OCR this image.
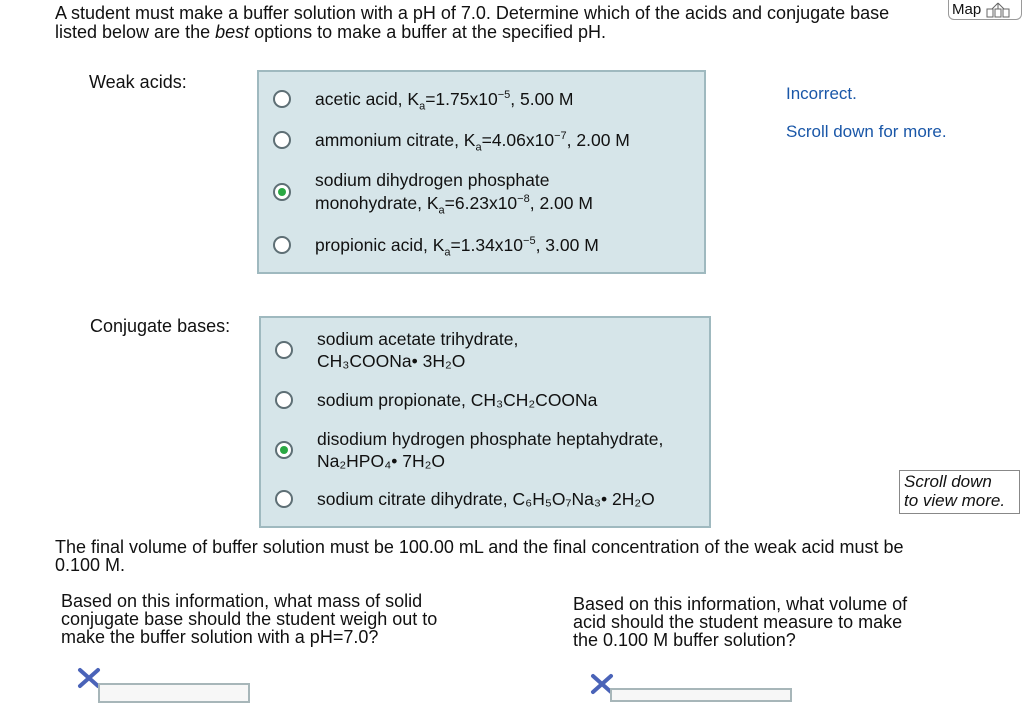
A student must make a buffer solution with a pH of 7.0. Determine which of the acids and conjugate base
listed below are the best options to make a buffer at the specified pH.
Map
Weak acids:
acetic acid, $K_a=1.75x10^{-5}$, 5.00 M
ammonium citrate, $K_a=4.06x10^{-7}$, 2.00 M
sodium dihydrogen phosphate
monohydrate, $K_a=6.23x10^{-8}$, 2.00 M
propionic acid, $K_a=1.34x10^{-5}$, 3.00 M
Incorrect.
Scroll down for more.
Conjugate bases:
sodium acetate trihydrate,
CH₃COONa• 3H₂O
sodium propionate, CH₃CH₂COONa
disodium hydrogen phosphate heptahydrate,
Na₂HPO₄• 7H₂O
sodium citrate dihydrate, C₆H₅O₇Na₃• 2H₂O
Scroll down
to view more.
The final volume of buffer solution must be 100.00 mL and the final concentration of the weak acid must be
0.100 M.
Based on this information, what mass of solid
conjugate base should the student weigh out to
make the buffer solution with a pH=7.0?
Based on this information, what volume of
acid should the student measure to make
the 0.100 M buffer solution?
